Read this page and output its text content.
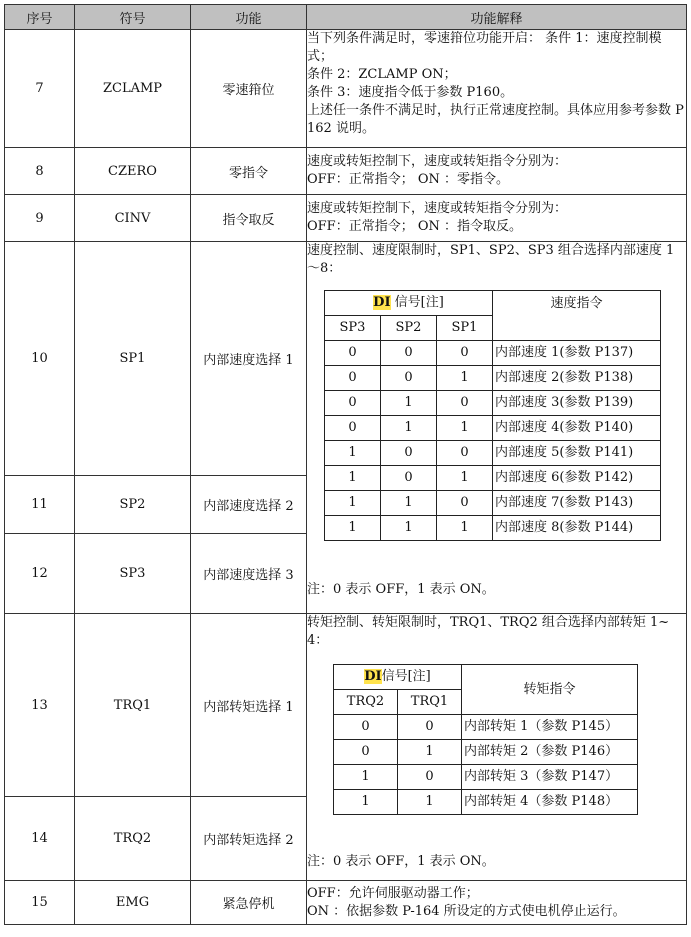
序号	符号	功能	功能解释
7	ZCLAMP	零速箝位	
当下列条件满足时，零速箝位功能开启： 条件 1：速度控制模式；
条件 2：ZCLAMP ON；
条件 3：速度指令低于参数 P160。
上述任一条件不满足时，执行正常速度控制。具体应用参考参数 P162 说明。

8	CZERO	零指令	
速度或转矩控制下，速度或转矩指令分别为：
OFF：正常指令； ON ：零指令。

9	CINV	指令取反	
速度或转矩控制下，速度或转矩指令分别为：
OFF：正常指令； ON ：指令取反。

10	SP1	内部速度选择 1	
速度控制、速度限制时，SP1、SP2、SP3 组合选择内部速度 1～8：
DI 信号[注]	速度指令
SP3	SP2	SP1
0	0	0	内部速度 1(参数 P137)
0	0	1	内部速度 2(参数 P138)
0	1	0	内部速度 3(参数 P139)
0	1	1	内部速度 4(参数 P140)
1	0	0	内部速度 5(参数 P141)
1	0	1	内部速度 6(参数 P142)
1	1	0	内部速度 7(参数 P143)
1	1	1	内部速度 8(参数 P144)
注：0 表示 OFF，1 表示 ON。

11	SP2	内部速度选择 2
12	SP3	内部速度选择 3
13	TRQ1	内部转矩选择 1	
转矩控制、转矩限制时，TRQ1、TRQ2 组合选择内部转矩 1~4：
DI信号[注]	转矩指令
TRQ2	TRQ1
0	0	内部转矩 1（参数 P145）
0	1	内部转矩 2（参数 P146）
1	0	内部转矩 3（参数 P147）
1	1	内部转矩 4（参数 P148）
注：0 表示 OFF，1 表示 ON。

14	TRQ2	内部转矩选择 2
15	EMG	紧急停机	
OFF：允许伺服驱动器工作；
ON ：依据参数 P-164 所设定的方式使电机停止运行。
